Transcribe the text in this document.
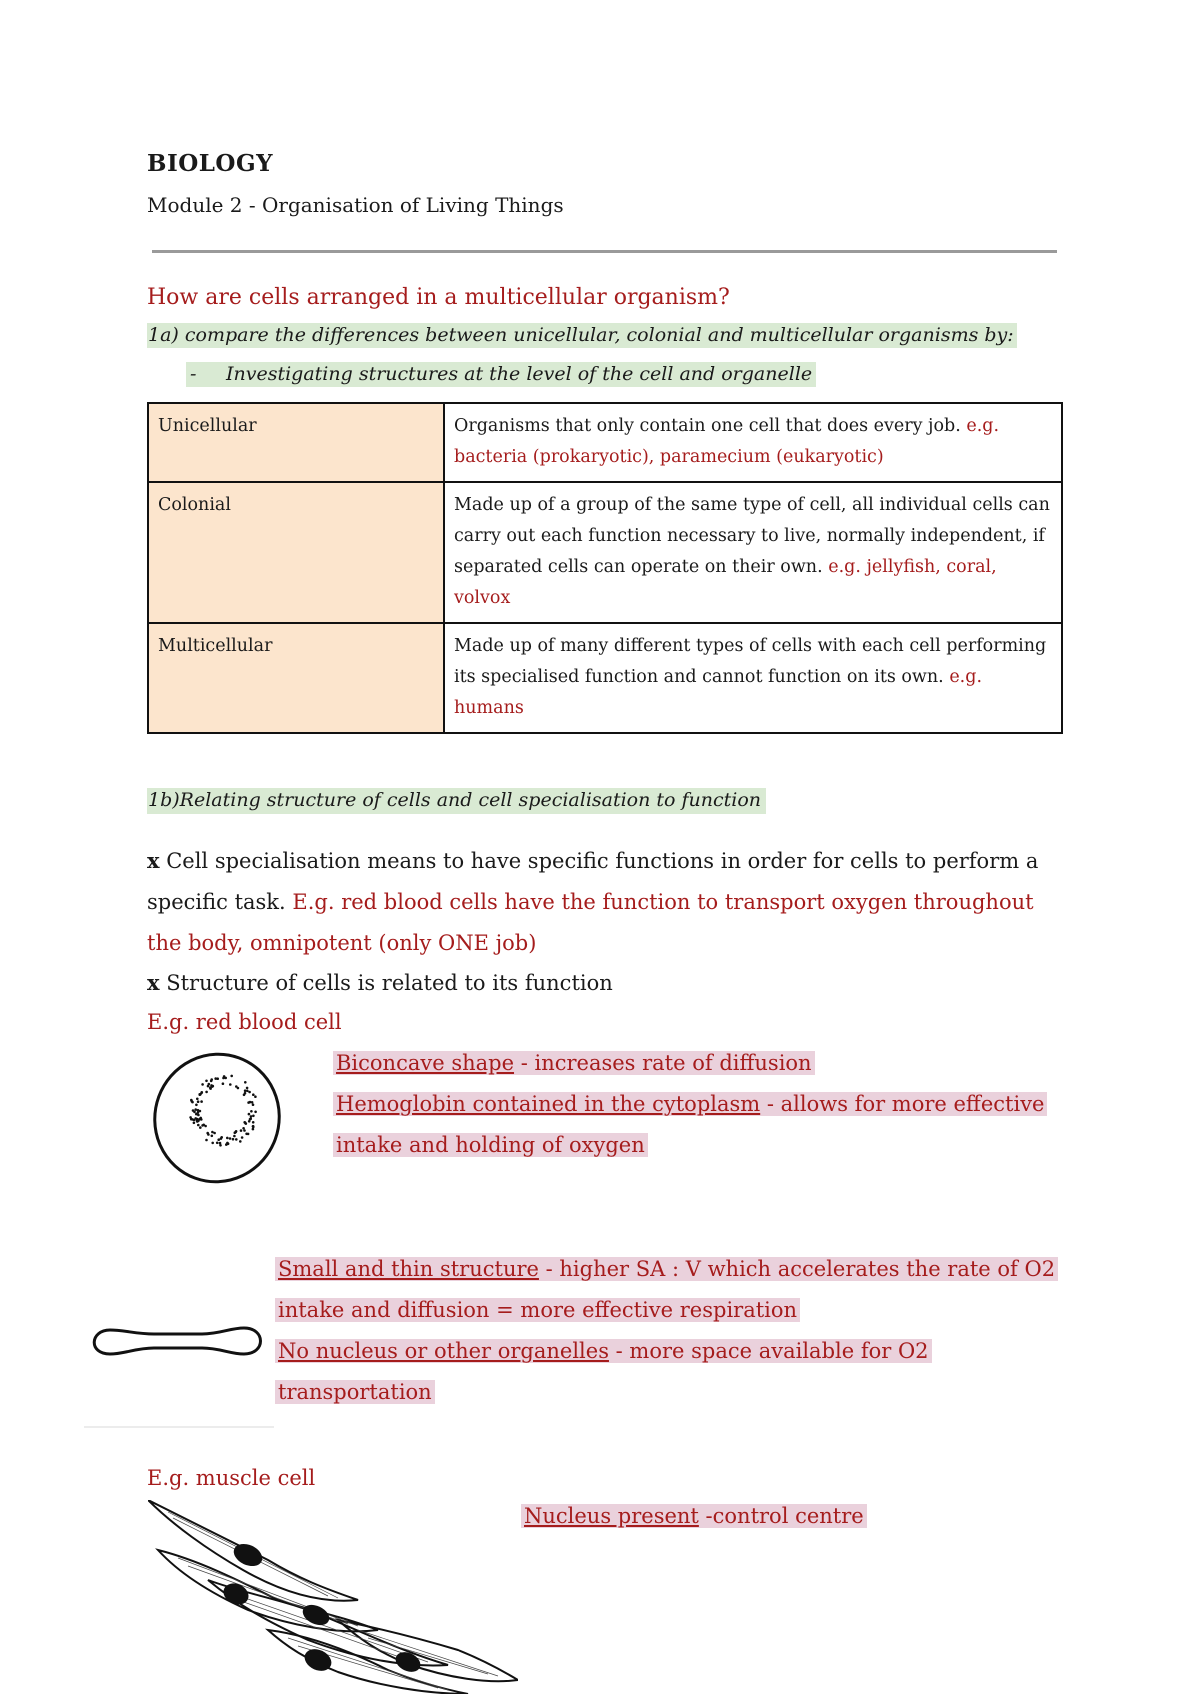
BIOLOGY
Module 2 - Organisation of Living Things
How are cells arranged in a multicellular organism?
1a) compare the differences between unicellular, colonial and multicellular organisms by:
- Investigating structures at the level of the cell and organelle
Unicellular	Organisms that only contain one cell that does every job. e.g. bacteria (prokaryotic), paramecium (eukaryotic)
Colonial	Made up of a group of the same type of cell, all individual cells can carry out each function necessary to live, normally independent, if separated cells can operate on their own. e.g. jellyfish, coral, volvox
Multicellular	Made up of many different types of cells with each cell performing its specialised function and cannot function on its own. e.g. humans
1b)Relating structure of cells and cell specialisation to function
x Cell specialisation means to have specific functions in order for cells to perform a specific task. E.g. red blood cells have the function to transport oxygen throughout the body, omnipotent (only ONE job)
x Structure of cells is related to its function
E.g. red blood cell
Biconcave shape - increases rate of diffusion
Hemoglobin contained in the cytoplasm - allows for more effective
intake and holding of oxygen
Small and thin structure - higher SA : V which accelerates the rate of O2
intake and diffusion = more effective respiration
No nucleus or other organelles - more space available for O2
transportation
E.g. muscle cell
Nucleus present -control centre
